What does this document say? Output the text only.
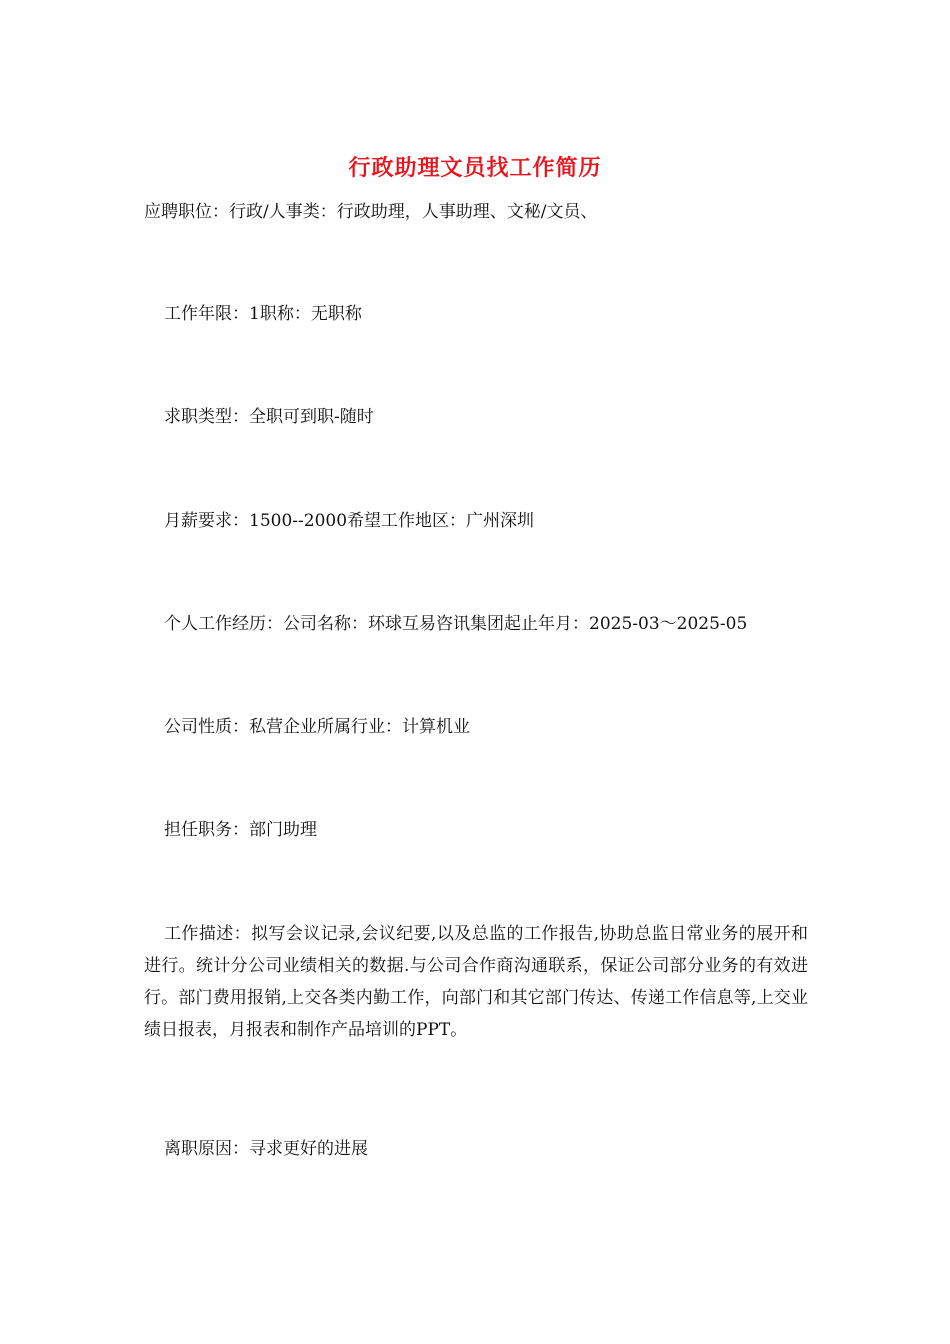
行政助理文员找工作简历
应聘职位：行政/人事类：行政助理，人事助理、文秘/文员、
工作年限：1职称：无职称
求职类型：全职可到职-随时
月薪要求：1500--2000希望工作地区：广州深圳
个人工作经历：公司名称：环球互易咨讯集团起止年月：2025-03～2025-05
公司性质：私营企业所属行业：计算机业
担任职务：部门助理
工作描述：拟写会议记录,会议纪要,以及总监的工作报告,协助总监日常业务的展开和进行。统计分公司业绩相关的数据.与公司合作商沟通联系，保证公司部分业务的有效进行。部门费用报销,上交各类内勤工作，向部门和其它部门传达、传递工作信息等,上交业绩日报表，月报表和制作产品培训的PPT。
离职原因：寻求更好的进展
